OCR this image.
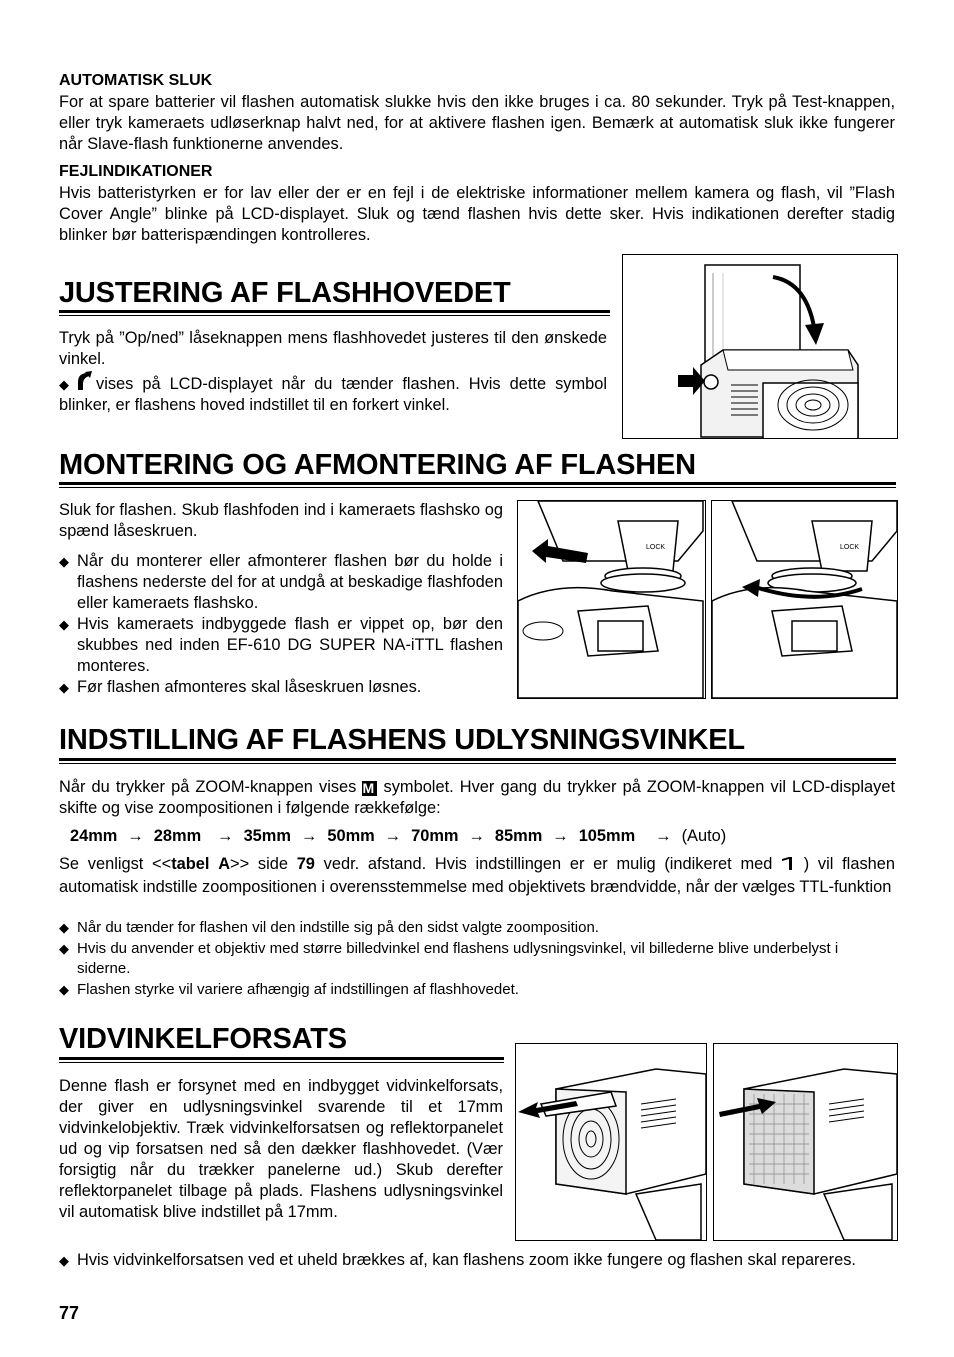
AUTOMATISK SLUK
For at spare batterier vil flashen automatisk slukke hvis den ikke bruges i ca. 80 sekunder. Tryk på Test-knappen, eller tryk kameraets udløserknap halvt ned, for at aktivere flashen igen. Bemærk at automatisk sluk ikke fungerer når Slave-flash funktionerne anvendes.
FEJLINDIKATIONER
Hvis batteristyrken er for lav eller der er en fejl i de elektriske informationer mellem kamera og flash, vil ”Flash Cover Angle” blinke på LCD-displayet. Sluk og tænd flashen hvis dette sker. Hvis indikationen derefter stadig blinker bør batterispændingen kontrolleres.
JUSTERING AF FLASHHOVEDET
Tryk på ”Op/ned” låseknappen mens flashhovedet justeres til den ønskede vinkel.
◆	vises på LCD-displayet når du tænder flashen. Hvis dette symbol blinker, er flashens hoved indstillet til en forkert vinkel.
MONTERING OG AFMONTERING AF FLASHEN
Sluk for flashen. Skub flashfoden ind i kameraets flashsko og spænd låseskruen.
◆ Når du monterer eller afmonterer flashen bør du holde i flashens nederste del for at undgå at beskadige flashfoden eller kameraets flashsko.
◆ Hvis kameraets indbyggede flash er vippet op, bør den skubbes ned inden EF-610 DG SUPER NA-iTTL flashen monteres.
◆ Før flashen afmonteres skal låseskruen løsnes.
LOCK	LOCK
INDSTILLING AF FLASHENS UDLYSNINGSVINKEL
Når du trykker på ZOOM-knappen vises M symbolet. Hver gang du trykker på ZOOM-knappen vil LCD-displayet skifte og vise zoompositionen i følgende rækkefølge:
24mm → 28mm → 35mm → 50mm → 70mm → 85mm → 105mm → (Auto)
Se venligst <<tabel A>> side 79 vedr. afstand. Hvis indstillingen er er mulig (indikeret med ) vil flashen automatisk indstille zoompositionen i overensstemmelse med objektivets brændvidde, når der vælges TTL-funktion
◆ Når du tænder for flashen vil den indstille sig på den sidst valgte zoomposition.
◆ Hvis du anvender et objektiv med større billedvinkel end flashens udlysningsvinkel, vil billederne blive underbelyst i siderne.
◆ Flashen styrke vil variere afhængig af indstillingen af flashhovedet.
VIDVINKELFORSATS
Denne flash er forsynet med en indbygget vidvinkelforsats, der giver en udlysningsvinkel svarende til et 17mm vidvinkelobjektiv. Træk vidvinkelforsatsen og reflektorpanelet ud og vip forsatsen ned så den dækker flashhovedet. (Vær forsigtig når du trækker panelerne ud.) Skub derefter reflektorpanelet tilbage på plads. Flashens udlysningsvinkel vil automatisk blive indstillet på 17mm.
◆ Hvis vidvinkelforsatsen ved et uheld brækkes af, kan flashens zoom ikke fungere og flashen skal repareres.
77
